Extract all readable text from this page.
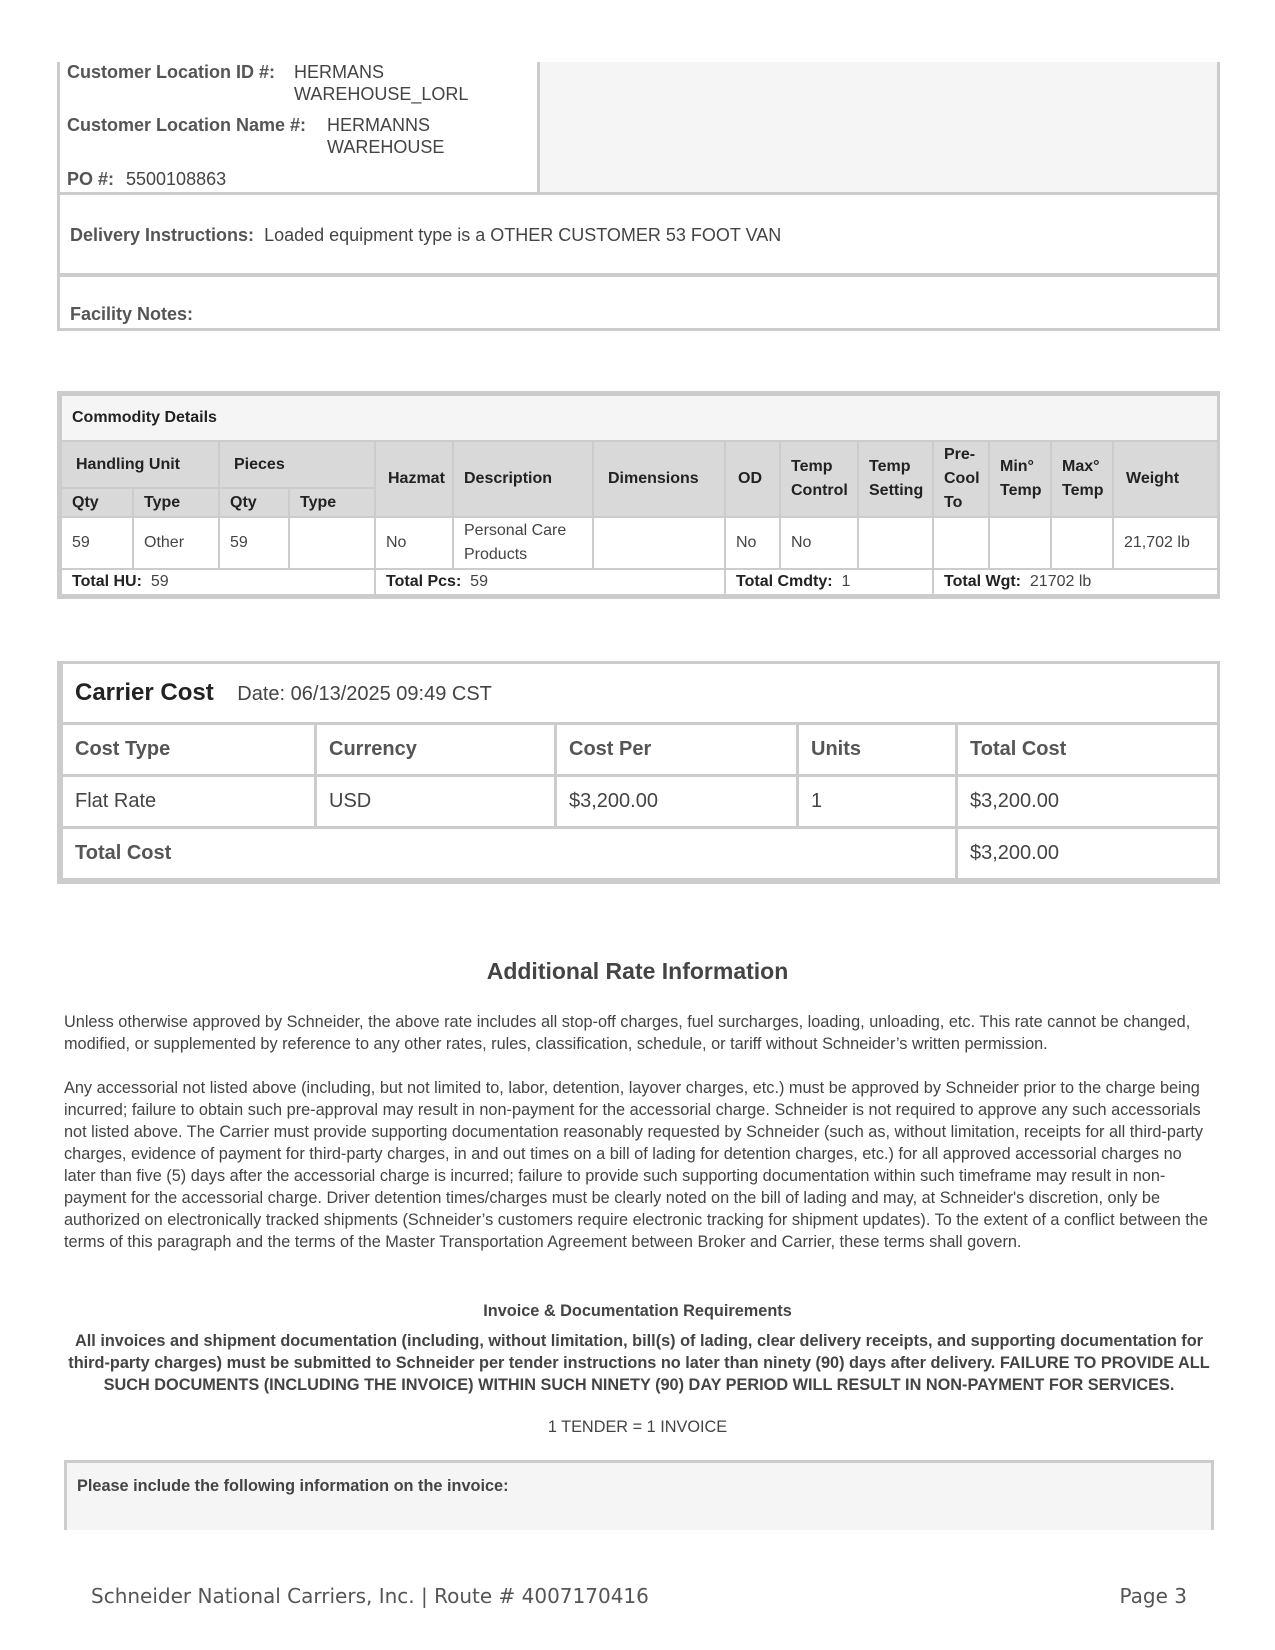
Customer Location ID #: HERMANS
WAREHOUSE_LORL
Customer Location Name #: HERMANNS
WAREHOUSE
PO #: 5500108863
Delivery Instructions: Loaded equipment type is a OTHER CUSTOMER 53 FOOT VAN
Facility Notes:
Commodity Details													
Handling Unit		Pieces		Hazmat	Description	Dimensions	OD	Temp Control	Temp Setting	Pre-Cool To	Min° Temp	Max° Temp	Weight
Qty	Type	Qty	Type										
59	Other	59		No	Personal Care Products		No	No					21,702 lb
Total HU: 59				Total Pcs: 59			Total Cmdty: 1			Total Wgt: 21702 lb			
Carrier Cost Date: 06/13/2025 09:49 CST				
Cost Type	Currency	Cost Per	Units	Total Cost
Flat Rate	USD	$3,200.00	1	$3,200.00
Total Cost				$3,200.00
Additional Rate Information
Unless otherwise approved by Schneider, the above rate includes all stop-off charges, fuel surcharges, loading, unloading, etc. This rate cannot be changed, modified, or supplemented by reference to any other rates, rules, classification, schedule, or tariff without Schneider’s written permission.
Any accessorial not listed above (including, but not limited to, labor, detention, layover charges, etc.) must be approved by Schneider prior to the charge being incurred; failure to obtain such pre-approval may result in non-payment for the accessorial charge. Schneider is not required to approve any such accessorials not listed above. The Carrier must provide supporting documentation reasonably requested by Schneider (such as, without limitation, receipts for all third-party charges, evidence of payment for third-party charges, in and out times on a bill of lading for detention charges, etc.) for all approved accessorial charges no later than five (5) days after the accessorial charge is incurred; failure to provide such supporting documentation within such timeframe may result in non-payment for the accessorial charge. Driver detention times/charges must be clearly noted on the bill of lading and may, at Schneider's discretion, only be authorized on electronically tracked shipments (Schneider’s customers require electronic tracking for shipment updates). To the extent of a conflict between the terms of this paragraph and the terms of the Master Transportation Agreement between Broker and Carrier, these terms shall govern.
Invoice & Documentation Requirements
All invoices and shipment documentation (including, without limitation, bill(s) of lading, clear delivery receipts, and supporting documentation for third-party charges) must be submitted to Schneider per tender instructions no later than ninety (90) days after delivery. FAILURE TO PROVIDE ALL SUCH DOCUMENTS (INCLUDING THE INVOICE) WITHIN SUCH NINETY (90) DAY PERIOD WILL RESULT IN NON-PAYMENT FOR SERVICES.
1 TENDER = 1 INVOICE
Please include the following information on the invoice:
Schneider National Carriers, Inc. | Route # 4007170416	Page 3
